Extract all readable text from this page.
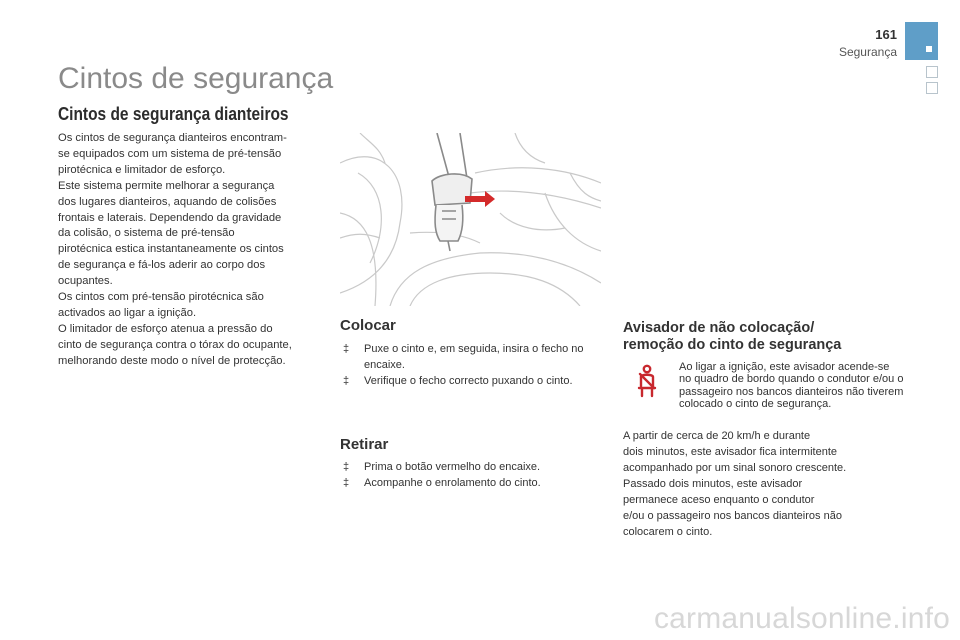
161
Segurança
Cintos de segurança
Cintos de segurança dianteiros
Os cintos de segurança dianteiros encontram-
se equipados com um sistema de pré-tensão
pirotécnica e limitador de esforço.
Este sistema permite melhorar a segurança
dos lugares dianteiros, aquando de colisões
frontais e laterais. Dependendo da gravidade
da colisão, o sistema de pré-tensão
pirotécnica estica instantaneamente os cintos
de segurança e fá-los aderir ao corpo dos
ocupantes.
Os cintos com pré-tensão pirotécnica são
activados ao ligar a ignição.
O limitador de esforço atenua a pressão do
cinto de segurança contra o tórax do ocupante,
melhorando deste modo o nível de protecção.
Colocar
‡ Puxe o cinto e, em seguida, insira o fecho no encaixe.
‡ Verifique o fecho correcto puxando o cinto.
Retirar
‡ Prima o botão vermelho do encaixe.
‡ Acompanhe o enrolamento do cinto.
Avisador de não colocação/
remoção do cinto de segurança
Ao ligar a ignição, este avisador acende-se no quadro de bordo quando o condutor e/ou o passageiro nos bancos dianteiros não tiverem colocado o cinto de segurança.
A partir de cerca de 20 km/h e durante
dois minutos, este avisador fica intermitente
acompanhado por um sinal sonoro crescente.
Passado dois minutos, este avisador
permanece aceso enquanto o condutor
e/ou o passageiro nos bancos dianteiros não
colocarem o cinto.
carmanualsonline.info
